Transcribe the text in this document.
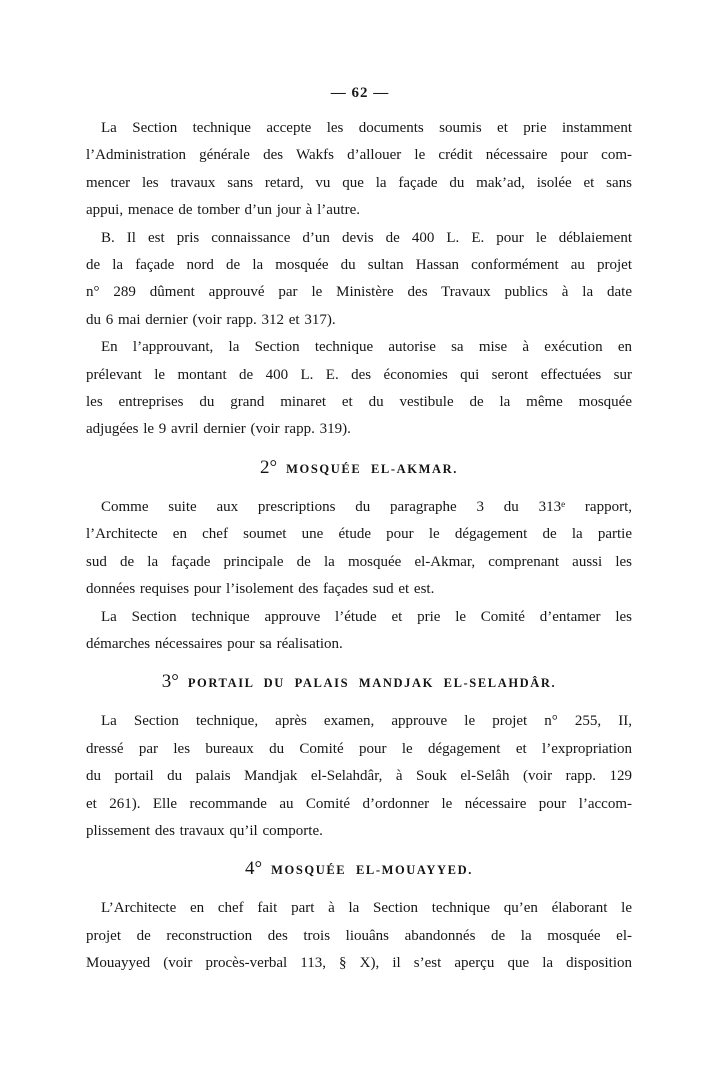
— 62 —
La Section technique accepte les documents soumis et prie instamment
l’Administration générale des Wakfs d’allouer le crédit nécessaire pour com-
mencer les travaux sans retard, vu que la façade du mak’ad, isolée et sans
appui, menace de tomber d’un jour à l’autre.
B. Il est pris connaissance d’un devis de 400 L. E. pour le déblaiement
de la façade nord de la mosquée du sultan Hassan conformément au projet
n° 289 dûment approuvé par le Ministère des Travaux publics à la date
du 6 mai dernier (voir rapp. 312 et 317).
En l’approuvant, la Section technique autorise sa mise à exécution en
prélevant le montant de 400 L. E. des économies qui seront effectuées sur
les entreprises du grand minaret et du vestibule de la même mosquée
adjugées le 9 avril dernier (voir rapp. 319).
2° MOSQUÉE EL-AKMAR.
Comme suite aux prescriptions du paragraphe 3 du 313e rapport,
l’Architecte en chef soumet une étude pour le dégagement de la partie
sud de la façade principale de la mosquée el-Akmar, comprenant aussi les
données requises pour l’isolement des façades sud et est.
La Section technique approuve l’étude et prie le Comité d’entamer les
démarches nécessaires pour sa réalisation.
3° PORTAIL DU PALAIS MANDJAK EL-SELAHDÂR.
La Section technique, après examen, approuve le projet n° 255, II,
dressé par les bureaux du Comité pour le dégagement et l’expropriation
du portail du palais Mandjak el-Selahdâr, à Souk el-Selâh (voir rapp. 129
et 261). Elle recommande au Comité d’ordonner le nécessaire pour l’accom-
plissement des travaux qu’il comporte.
4° MOSQUÉE EL-MOUAYYED.
L’Architecte en chef fait part à la Section technique qu’en élaborant le
projet de reconstruction des trois liouâns abandonnés de la mosquée el-
Mouayyed (voir procès-verbal 113, § X), il s’est aperçu que la disposition
